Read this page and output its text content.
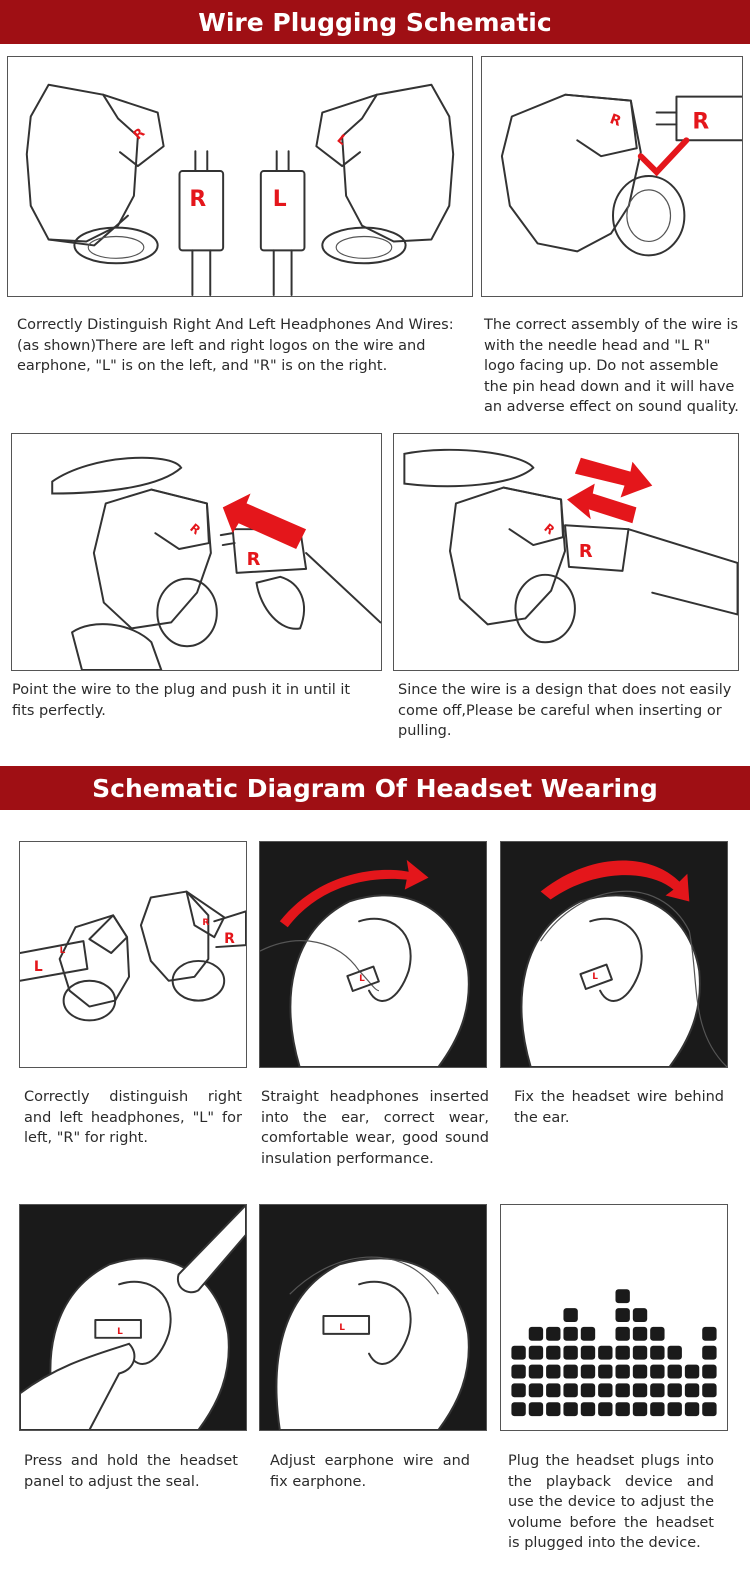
Wire Plugging Schematic
R
R	L
L
R	R
Correctly Distinguish Right And Left Headphones And Wires: (as shown)There are left and right logos on the wire and earphone, "L" is on the left, and "R" is on the right.
The correct assembly of the wire is with the needle head and "L R" logo facing up. Do not assemble the pin head down and it will have an adverse effect on sound quality.
R
R
R
R
Point the wire to the plug and push it in until it fits perfectly.
Since the wire is a design that does not easily come off,Please be careful when inserting or pulling.
Schematic Diagram Of Headset Wearing
L
L
R
R
L	L
Correctly distinguish right and left headphones, "L" for left, "R" for right.
Straight headphones inserted into the ear, correct wear, comfortable wear, good sound insulation performance.
Fix the headset wire behind the ear.
L	L
Press and hold the headset panel to adjust the seal.
Adjust earphone wire and fix earphone.
Plug the headset plugs into the playback device and use the device to adjust the volume before the headset is plugged into the device.
